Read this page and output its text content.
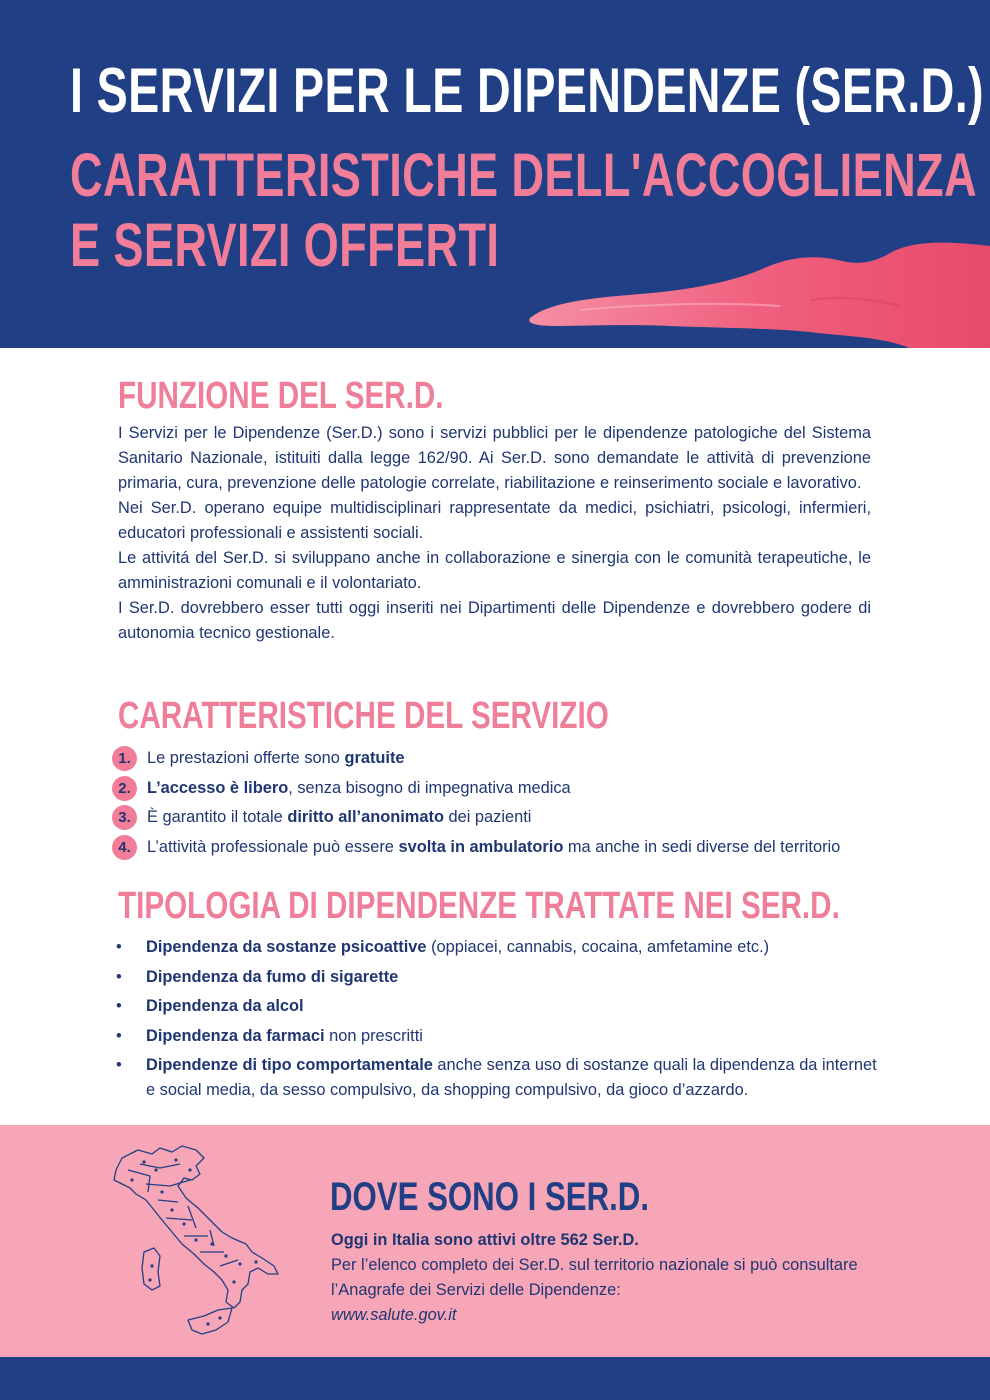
I SERVIZI PER LE DIPENDENZE (SER.D.)
CARATTERISTICHE DELL'ACCOGLIENZA
E SERVIZI OFFERTI
FUNZIONE DEL SER.D.

I Servizi per le Dipendenze (Ser.D.) sono i servizi pubblici per le dipendenze patologiche del Sistema Sanitario Nazionale, istituiti dalla legge 162/90. Ai Ser.D. sono demandate le attività di prevenzione primaria, cura, prevenzione delle patologie correlate, riabilitazione e reinserimento sociale e lavorativo.

Nei Ser.D. operano equipe multidisciplinari rappresentate da medici, psichiatri, psicologi, infermieri, educatori professionali e assistenti sociali.

Le attivitá del Ser.D. si sviluppano anche in collaborazione e sinergia con le comunità terapeutiche, le amministrazioni comunali e il volontariato.

I Ser.D. dovrebbero esser tutti oggi inseriti nei Dipartimenti delle Dipendenze e dovrebbero godere di autonomia tecnico gestionale.

CARATTERISTICHE DEL SERVIZIO
1. Le prestazioni offerte sono gratuite
2. L’accesso è libero, senza bisogno di impegnativa medica
3. È garantito il totale diritto all’anonimato dei pazienti
4. L’attività professionale può essere svolta in ambulatorio ma anche in sedi diverse del territorio
TIPOLOGIA DI DIPENDENZE TRATTATE NEI SER.D.
•	Dipendenza da sostanze psicoattive (oppiacei, cannabis, cocaina, amfetamine etc.)
•	Dipendenza da fumo di sigarette
•	Dipendenza da alcol
•	Dipendenza da farmaci non prescritti
•	Dipendenze di tipo comportamentale anche senza uso di sostanze quali la dipendenza da internet e social media, da sesso compulsivo, da shopping compulsivo, da gioco d’azzardo.
DOVE SONO I SER.D.

Oggi in Italia sono attivi oltre 562 Ser.D.

Per l’elenco completo dei Ser.D. sul territorio nazionale si può consultare l’Anagrafe dei Servizi delle Dipendenze:

www.salute.gov.it
